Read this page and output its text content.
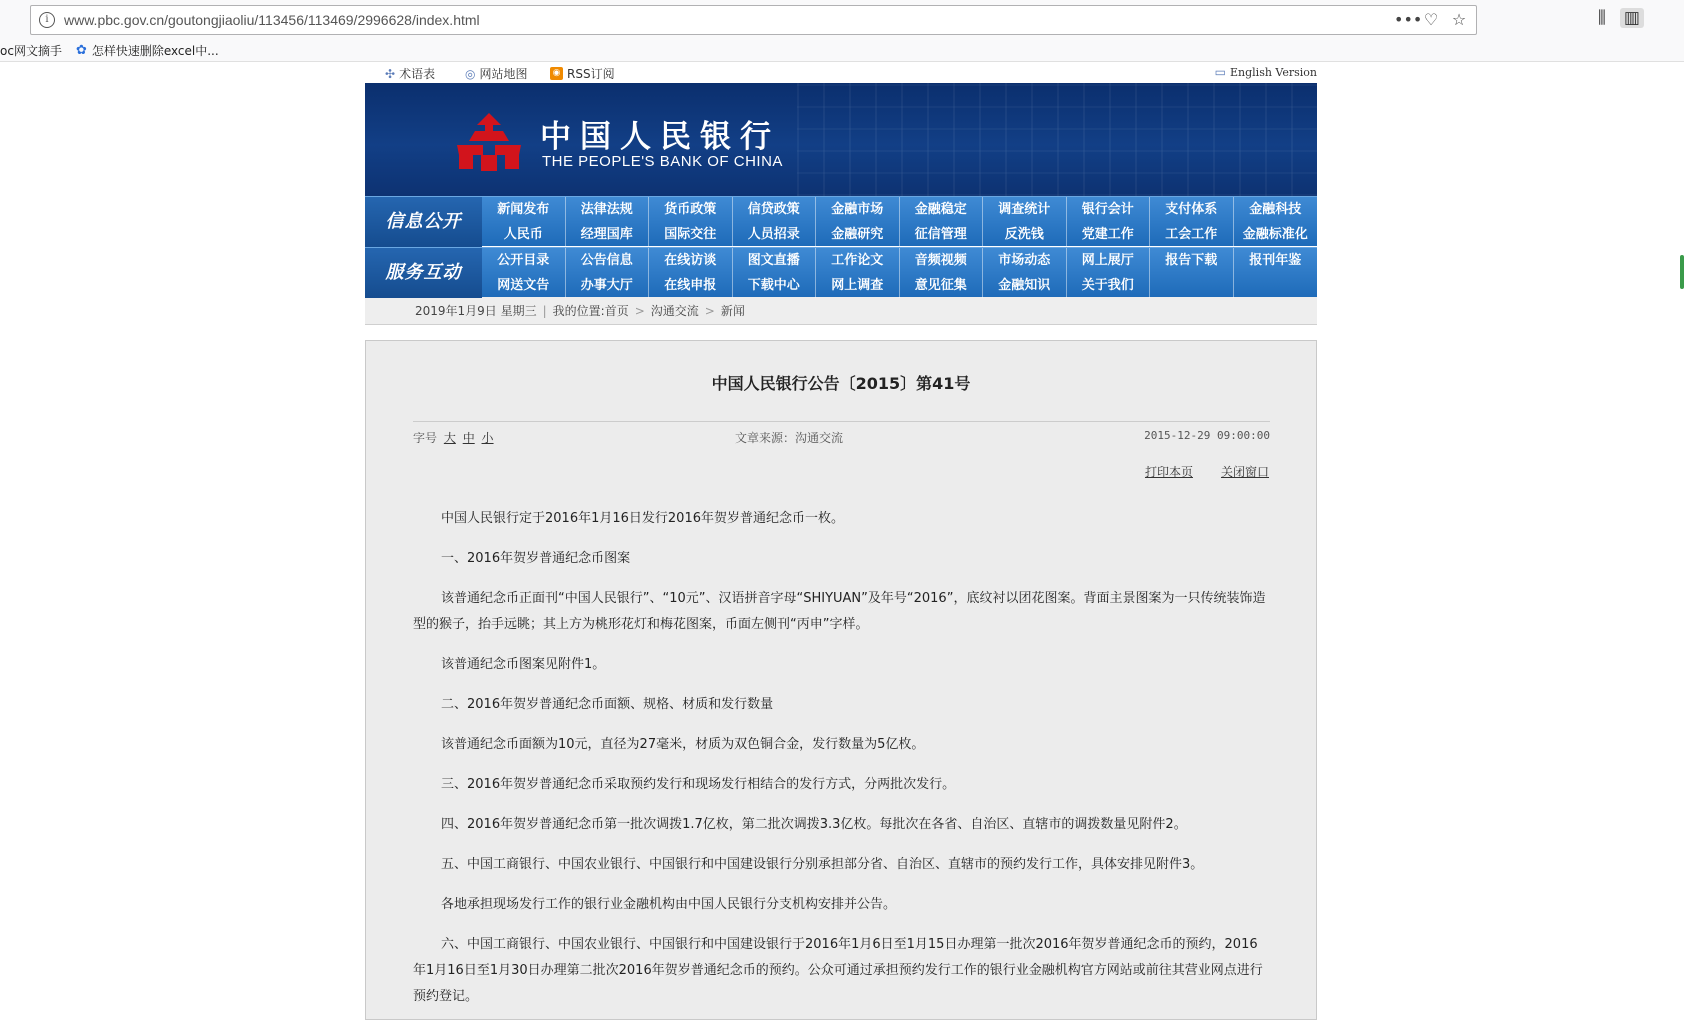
i	www.pbc.gov.cn/goutongjiaoliu/113456/113469/2996628/index.html	••• ♡ ☆	⫼ ▥
oc网文摘手 ✿ 怎样快速删除excel中...
✣ 术语表 ◎ 网站地图	◉ RSS订阅	▭ English Version
中国人民银行
THE PEOPLE'S BANK OF CHINA
信息公开
新闻发布	法律法规	货币政策	信贷政策	金融市场	金融稳定	调查统计	银行会计	支付体系	金融科技
人民币	经理国库	国际交往	人员招录	金融研究	征信管理	反洗钱	党建工作	工会工作	金融标准化
服务互动
公开目录	公告信息	在线访谈	图文直播	工作论文	音频视频	市场动态	网上展厅	报告下载	报刊年鉴
网送文告	办事大厅	在线申报	下载中心	网上调查	意见征集	金融知识	关于我们
2019年1月9日 星期三 | 我的位置:首页 > 沟通交流 > 新闻
中国人民银行公告〔2015〕第41号
字号 大 中 小	文章来源：沟通交流	2015-12-29 09:00:00
打印本页 关闭窗口

中国人民银行定于2016年1月16日发行2016年贺岁普通纪念币一枚。

一、2016年贺岁普通纪念币图案

该普通纪念币正面刊“中国人民银行”、“10元”、汉语拼音字母“SHIYUAN”及年号“2016”，底纹衬以团花图案。背面主景图案为一只传统装饰造型的猴子，抬手远眺；其上方为桃形花灯和梅花图案，币面左侧刊“丙申”字样。

该普通纪念币图案见附件1。

二、2016年贺岁普通纪念币面额、规格、材质和发行数量

该普通纪念币面额为10元，直径为27毫米，材质为双色铜合金，发行数量为5亿枚。

三、2016年贺岁普通纪念币采取预约发行和现场发行相结合的发行方式，分两批次发行。

四、2016年贺岁普通纪念币第一批次调拨1.7亿枚，第二批次调拨3.3亿枚。每批次在各省、自治区、直辖市的调拨数量见附件2。

五、中国工商银行、中国农业银行、中国银行和中国建设银行分别承担部分省、自治区、直辖市的预约发行工作，具体安排见附件3。

各地承担现场发行工作的银行业金融机构由中国人民银行分支机构安排并公告。

六、中国工商银行、中国农业银行、中国银行和中国建设银行于2016年1月6日至1月15日办理第一批次2016年贺岁普通纪念币的预约，2016年1月16日至1月30日办理第二批次2016年贺岁普通纪念币的预约。公众可通过承担预约发行工作的银行业金融机构官方网站或前往其营业网点进行预约登记。
